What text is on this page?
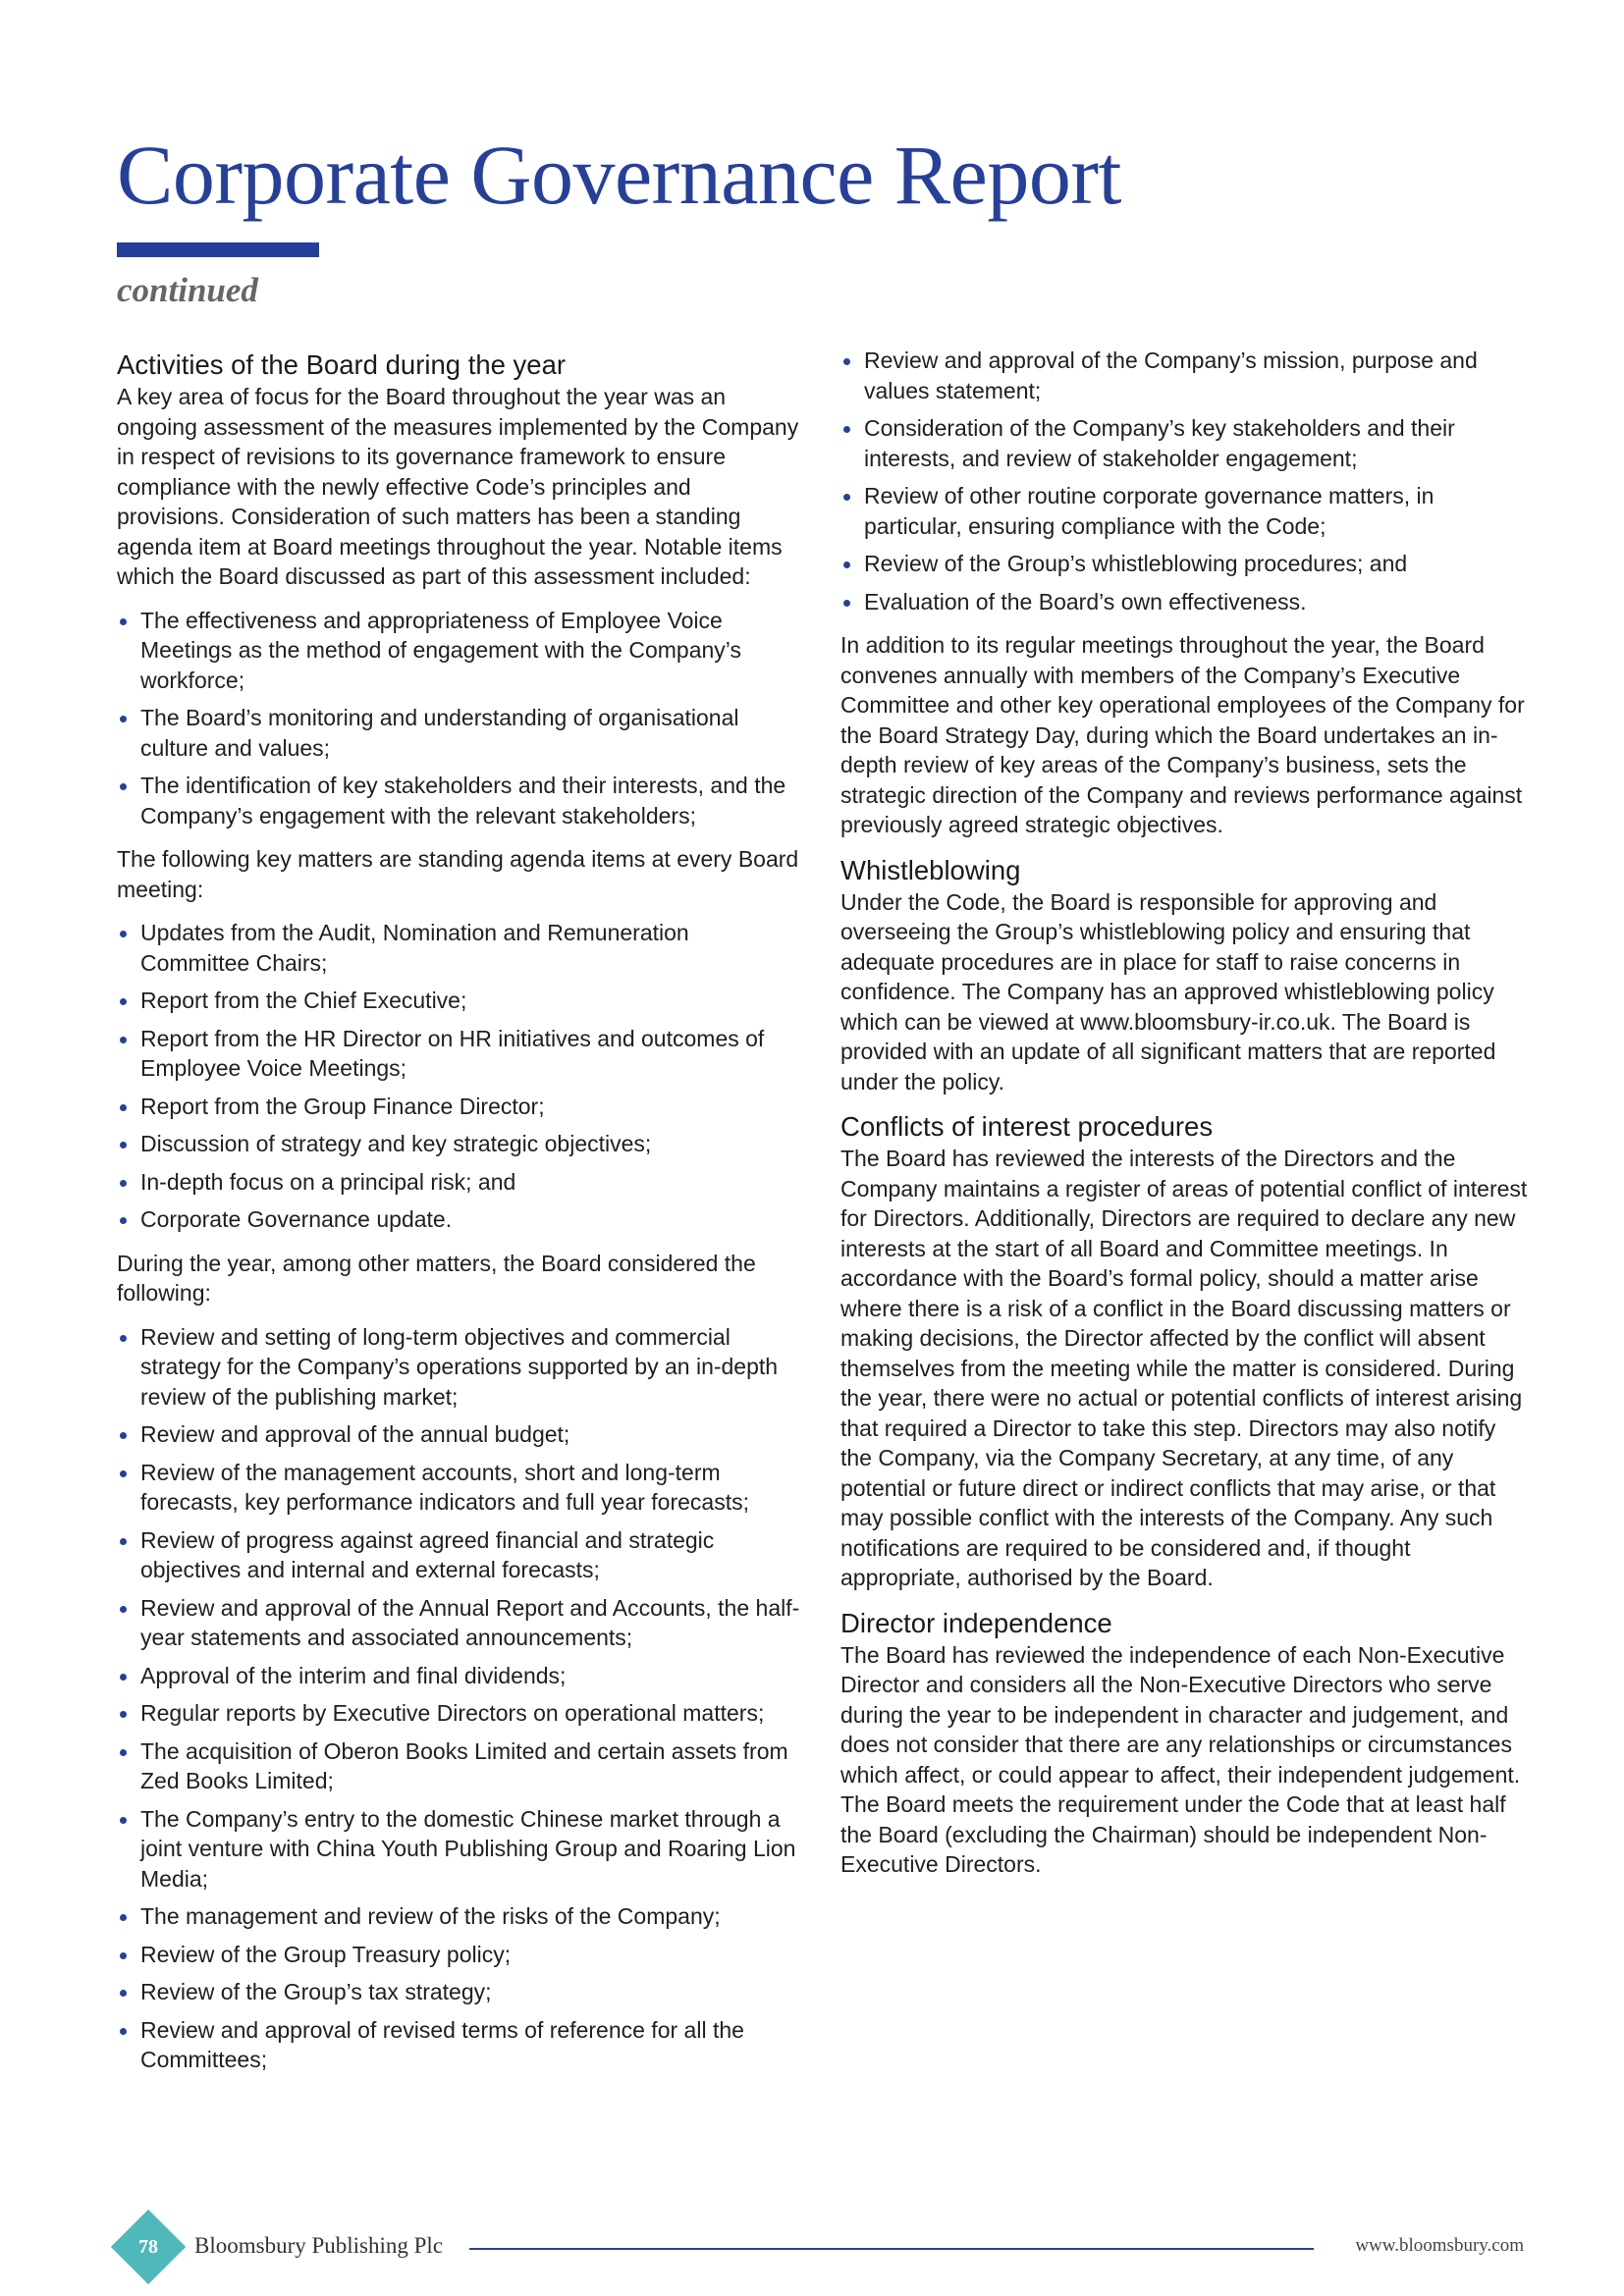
Corporate Governance Report

continued

Activities of the Board during the year

A key area of focus for the Board throughout the year was an ongoing assessment of the measures implemented by the Company in respect of revisions to its governance framework to ensure compliance with the newly effective Code’s principles and provisions. Consideration of such matters has been a standing agenda item at Board meetings throughout the year. Notable items which the Board discussed as part of this assessment included:

The effectiveness and appropriateness of Employee Voice Meetings as the method of engagement with the Company’s workforce;
The Board’s monitoring and understanding of organisational culture and values;
The identification of key stakeholders and their interests, and the Company’s engagement with the relevant stakeholders;

The following key matters are standing agenda items at every Board meeting:

Updates from the Audit, Nomination and Remuneration Committee Chairs;
Report from the Chief Executive;
Report from the HR Director on HR initiatives and outcomes of Employee Voice Meetings;
Report from the Group Finance Director;
Discussion of strategy and key strategic objectives;
In-depth focus on a principal risk; and
Corporate Governance update.

During the year, among other matters, the Board considered the following:

Review and setting of long-term objectives and commercial strategy for the Company’s operations supported by an in-depth review of the publishing market;
Review and approval of the annual budget;
Review of the management accounts, short and long-term forecasts, key performance indicators and full year forecasts;
Review of progress against agreed financial and strategic objectives and internal and external forecasts;
Review and approval of the Annual Report and Accounts, the half-year statements and associated announcements;
Approval of the interim and final dividends;
Regular reports by Executive Directors on operational matters;
The acquisition of Oberon Books Limited and certain assets from Zed Books Limited;
The Company’s entry to the domestic Chinese market through a joint venture with China Youth Publishing Group and Roaring Lion Media;
The management and review of the risks of the Company;
Review of the Group Treasury policy;
Review of the Group’s tax strategy;
Review and approval of revised terms of reference for all the Committees;
Review and approval of the Company’s mission, purpose and values statement;
Consideration of the Company’s key stakeholders and their interests, and review of stakeholder engagement;
Review of other routine corporate governance matters, in particular, ensuring compliance with the Code;
Review of the Group’s whistleblowing procedures; and
Evaluation of the Board’s own effectiveness.

In addition to its regular meetings throughout the year, the Board convenes annually with members of the Company’s Executive Committee and other key operational employees of the Company for the Board Strategy Day, during which the Board undertakes an in-depth review of key areas of the Company’s business, sets the strategic direction of the Company and reviews performance against previously agreed strategic objectives.

Whistleblowing

Under the Code, the Board is responsible for approving and overseeing the Group’s whistleblowing policy and ensuring that adequate procedures are in place for staff to raise concerns in confidence. The Company has an approved whistleblowing policy which can be viewed at www.bloomsbury-ir.co.uk. The Board is provided with an update of all significant matters that are reported under the policy.

Conflicts of interest procedures

The Board has reviewed the interests of the Directors and the Company maintains a register of areas of potential conflict of interest for Directors. Additionally, Directors are required to declare any new interests at the start of all Board and Committee meetings. In accordance with the Board’s formal policy, should a matter arise where there is a risk of a conflict in the Board discussing matters or making decisions, the Director affected by the conflict will absent themselves from the meeting while the matter is considered. During the year, there were no actual or potential conflicts of interest arising that required a Director to take this step. Directors may also notify the Company, via the Company Secretary, at any time, of any potential or future direct or indirect conflicts that may arise, or that may possible conflict with the interests of the Company. Any such notifications are required to be considered and, if thought appropriate, authorised by the Board.

Director independence

The Board has reviewed the independence of each Non-Executive Director and considers all the Non-Executive Directors who serve during the year to be independent in character and judgement, and does not consider that there are any relationships or circumstances which affect, or could appear to affect, their independent judgement. The Board meets the requirement under the Code that at least half the Board (excluding the Chairman) should be independent Non-Executive Directors.

78	Bloomsbury Publishing Plc	www.bloomsbury.com
